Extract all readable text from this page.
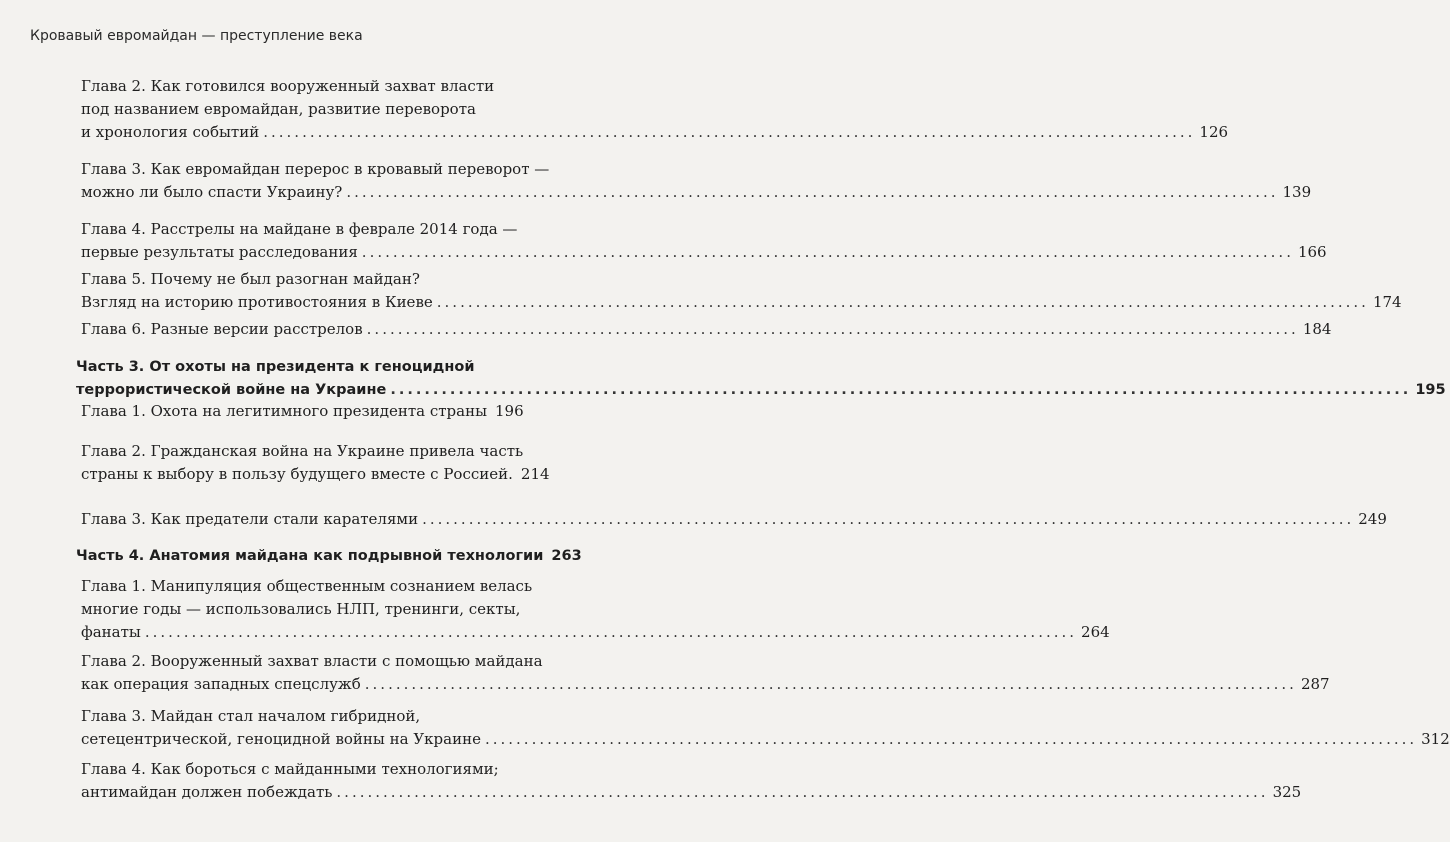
Кровавый евромайдан — преступление века
Глава 2. Как готовился вооруженный захват власти
под названием евромайдан, развитие переворота
и хронология событий ........................................................................................................................ 126
Глава 3. Как евромайдан перерос в кровавый переворот —
можно ли было спасти Украину? ........................................................................................................................ 139
Глава 4. Расстрелы на майдане в феврале 2014 года —
первые результаты расследования ........................................................................................................................ 166
Глава 5. Почему не был разогнан майдан?
Взгляд на историю противостояния в Киеве ........................................................................................................................ 174
Глава 6. Разные версии расстрелов ........................................................................................................................ 184
Часть 3. От охоты на президента к геноцидной
террористической войне на Украине ........................................................................................................................ 195
Глава 1. Охота на легитимного президента страны 196
Глава 2. Гражданская война на Украине привела часть
страны к выбору в пользу будущего вместе с Россией. 214
Глава 3. Как предатели стали карателями ........................................................................................................................ 249
Часть 4. Анатомия майдана как подрывной технологии 263
Глава 1. Манипуляция общественным сознанием велась
многие годы — использовались НЛП, тренинги, секты,
фанаты ........................................................................................................................ 264
Глава 2. Вооруженный захват власти с помощью майдана
как операция западных спецслужб ........................................................................................................................ 287
Глава 3. Майдан стал началом гибридной,
сетецентрической, геноцидной войны на Украине ........................................................................................................................ 312
Глава 4. Как бороться с майданными технологиями;
антимайдан должен побеждать ........................................................................................................................ 325
